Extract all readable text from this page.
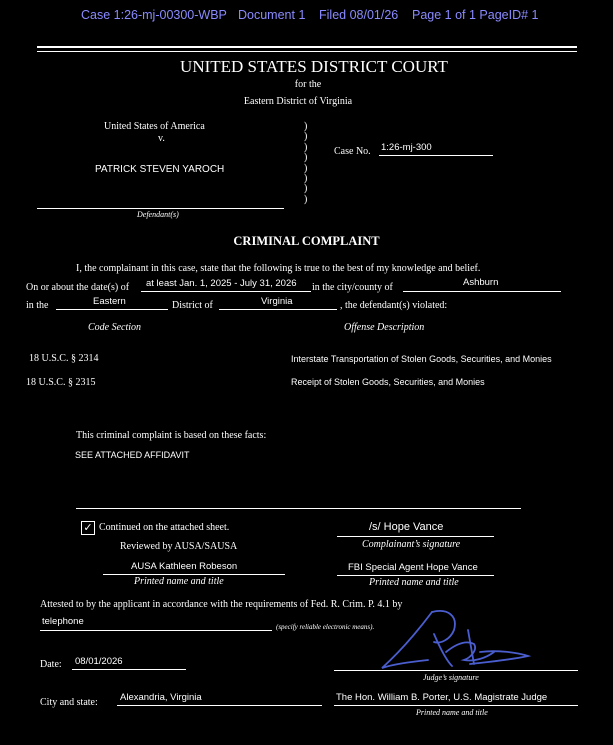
Case 1:26-mj-00300-WBP Document 1 Filed 08/01/26 Page 1 of 1 PageID# 1
UNITED STATES DISTRICT COURT
for the
Eastern District of Virginia
United States of America
v.
PATRICK STEVEN YAROCH
Defendant(s)
)
)
)
)
)
)
)
)
Case No. 1:26-mj-300
CRIMINAL COMPLAINT
I, the complainant in this case, state that the following is true to the best of my knowledge and belief.
On or about the date(s) of at least Jan. 1, 2025 - July 31, 2026 in the city/county of	Ashburn
in the	Eastern	District of	Virginia	, the defendant(s) violated:
Code Section	Offense Description
18 U.S.C. § 2314	Interstate Transportation of Stolen Goods, Securities, and Monies
18 U.S.C. § 2315	Receipt of Stolen Goods, Securities, and Monies
This criminal complaint is based on these facts:
SEE ATTACHED AFFIDAVIT
✓ Continued on the attached sheet.
Reviewed by AUSA/SAUSA
AUSA Kathleen Robeson
Printed name and title
/s/ Hope Vance
Complainant’s signature
FBI Special Agent Hope Vance
Printed name and title
Attested to by the applicant in accordance with the requirements of Fed. R. Crim. P. 4.1 by
telephone	(specify reliable electronic means).
Date: 08/01/2026
Judge’s signature
City and state: Alexandria, Virginia	The Hon. William B. Porter, U.S. Magistrate Judge
Printed name and title
